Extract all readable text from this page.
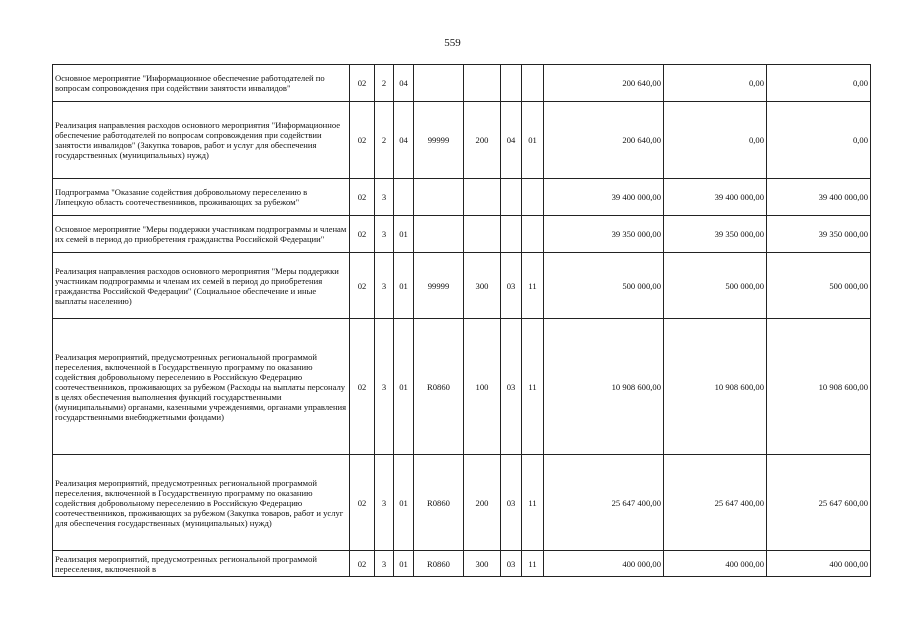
559
Основное мероприятие "Информационное обеспечение работодателей по вопросам сопровождения при содействии занятости инвалидов"	02	2	04					200 640,00	0,00	0,00
Реализация направления расходов основного мероприятия "Информационное обеспечение работодателей по вопросам сопровождения при содействии занятости инвалидов" (Закупка товаров, работ и услуг для обеспечения государственных (муниципальных) нужд)	02	2	04	99999	200	04	01	200 640,00	0,00	0,00
Подпрограмма "Оказание содействия добровольному переселению в Липецкую область соотечественников, проживающих за рубежом"	02	3						39 400 000,00	39 400 000,00	39 400 000,00
Основное мероприятие "Меры поддержки участникам подпрограммы и членам их семей в период до приобретения гражданства Российской Федерации"	02	3	01					39 350 000,00	39 350 000,00	39 350 000,00
Реализация направления расходов основного мероприятия "Меры поддержки участникам подпрограммы и членам их семей в период до приобретения гражданства Российской Федерации" (Социальное обеспечение и иные выплаты населению)	02	3	01	99999	300	03	11	500 000,00	500 000,00	500 000,00
Реализация мероприятий, предусмотренных региональной программой переселения, включенной в Государственную программу по оказанию содействия добровольному переселению в Российскую Федерацию соотечественников, проживающих за рубежом (Расходы на выплаты персоналу в целях обеспечения выполнения функций государственными (муниципальными) органами, казенными учреждениями, органами управления государственными внебюджетными фондами)	02	3	01	R0860	100	03	11	10 908 600,00	10 908 600,00	10 908 600,00
Реализация мероприятий, предусмотренных региональной программой переселения, включенной в Государственную программу по оказанию содействия добровольному переселению в Российскую Федерацию соотечественников, проживающих за рубежом (Закупка товаров, работ и услуг для обеспечения государственных (муниципальных) нужд)	02	3	01	R0860	200	03	11	25 647 400,00	25 647 400,00	25 647 600,00
Реализация мероприятий, предусмотренных региональной программой переселения, включенной в	02	3	01	R0860	300	03	11	400 000,00	400 000,00	400 000,00
